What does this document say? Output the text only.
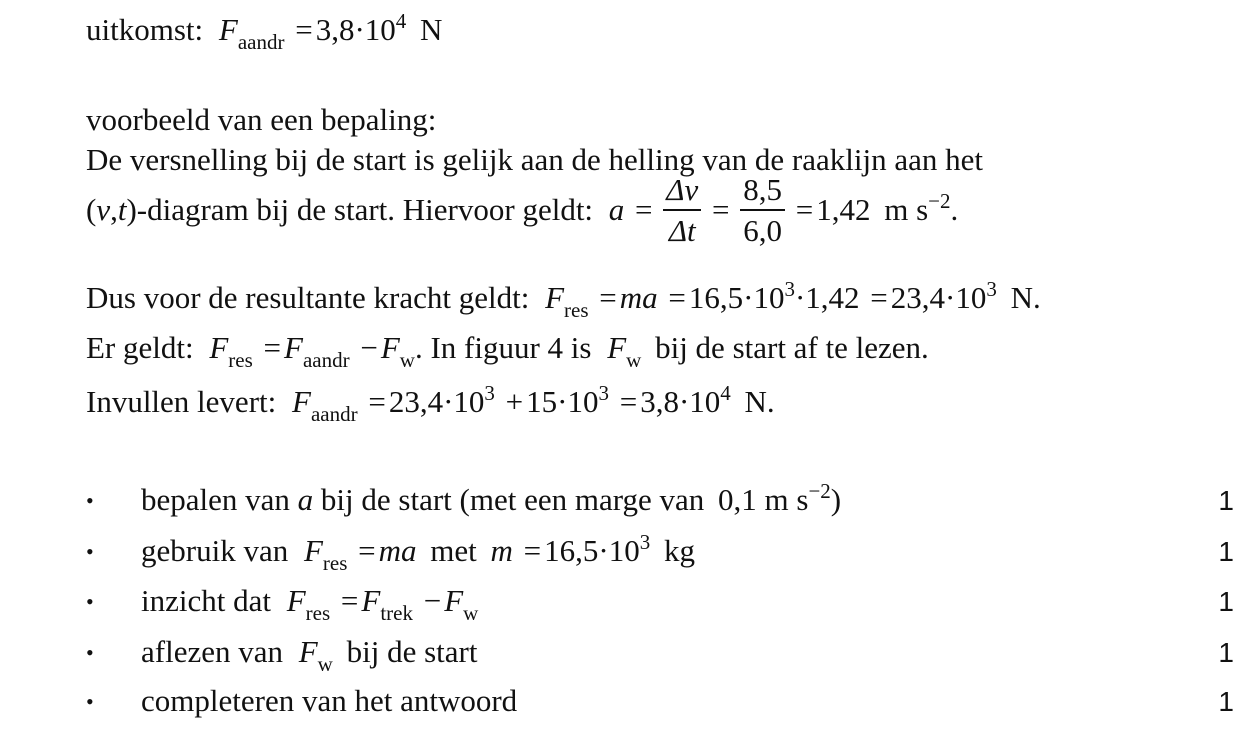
uitkomst: $F_{aandr} =3,8\cdot 10^4$ N
voorbeeld van een bepaling:
De versnelling bij de start is gelijk aan de helling van de raaklijn aan het
(v,t)-diagram bij de start. Hiervoor geldt: $a = \frac{\Delta v}{\Delta t} = \frac{8,5}{6,0} =1,42$ m $s^{-2}$.
Dus voor de resultante kracht geldt: $F_{res} =ma =16,5\cdot 10^3\cdot 1,42 =23,4\cdot 10^3$ N.
Er geldt: $F_{res} =F_{aandr} -F_w$. In figuur 4 is $F_w$ bij de start af te lezen.
Invullen levert: $F_{aandr} =23,4\cdot 10^3 +15\cdot 10^3 =3,8\cdot 10^4$ N.
• bepalen van a bij de start (met een marge van 0,1 m $s^{-2}$)	1
• gebruik van $F_{res} =ma$ met $m =16,5\cdot 10^3$ kg	1
• inzicht dat $F_{res} =F_{trek} -F_w$	1
• aflezen van $F_w$ bij de start	1
• completeren van het antwoord	1
